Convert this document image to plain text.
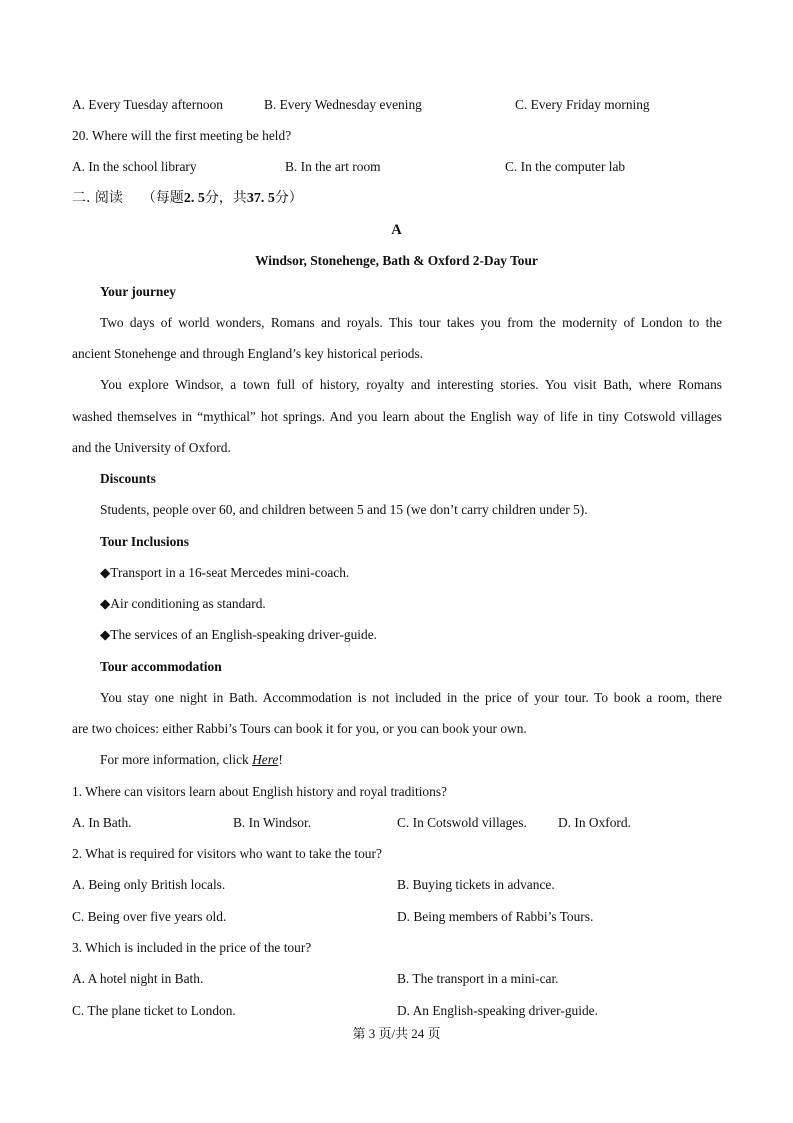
A. Every Tuesday afternoon	B. Every Wednesday evening	C. Every Friday morning
20. Where will the first meeting be held?
A. In the school library	B. In the art room	C. In the computer lab
二. 阅读 （每题2. 5分，共37. 5分）
A
Windsor, Stonehenge, Bath & Oxford 2-Day Tour
Your journey
Two days of world wonders, Romans and royals. This tour takes you from the modernity of London to the
ancient Stonehenge and through England’s key historical periods.
You explore Windsor, a town full of history, royalty and interesting stories. You visit Bath, where Romans
washed themselves in “mythical” hot springs. And you learn about the English way of life in tiny Cotswold villages
and the University of Oxford.
Discounts
Students, people over 60, and children between 5 and 15 (we don’t carry children under 5).
Tour Inclusions
◆Transport in a 16-seat Mercedes mini-coach.
◆Air conditioning as standard.
◆The services of an English-speaking driver-guide.
Tour accommodation
You stay one night in Bath. Accommodation is not included in the price of your tour. To book a room, there
are two choices: either Rabbi’s Tours can book it for you, or you can book your own.
For more information, click Here!
1. Where can visitors learn about English history and royal traditions?
A. In Bath.	B. In Windsor.	C. In Cotswold villages. D. In Oxford.
2. What is required for visitors who want to take the tour?
A. Being only British locals.	B. Buying tickets in advance.
C. Being over five years old.	D. Being members of Rabbi’s Tours.
3. Which is included in the price of the tour?
A. A hotel night in Bath.	B. The transport in a mini-car.
C. The plane ticket to London.	D. An English-speaking driver-guide.
第 3 页/共 24 页
